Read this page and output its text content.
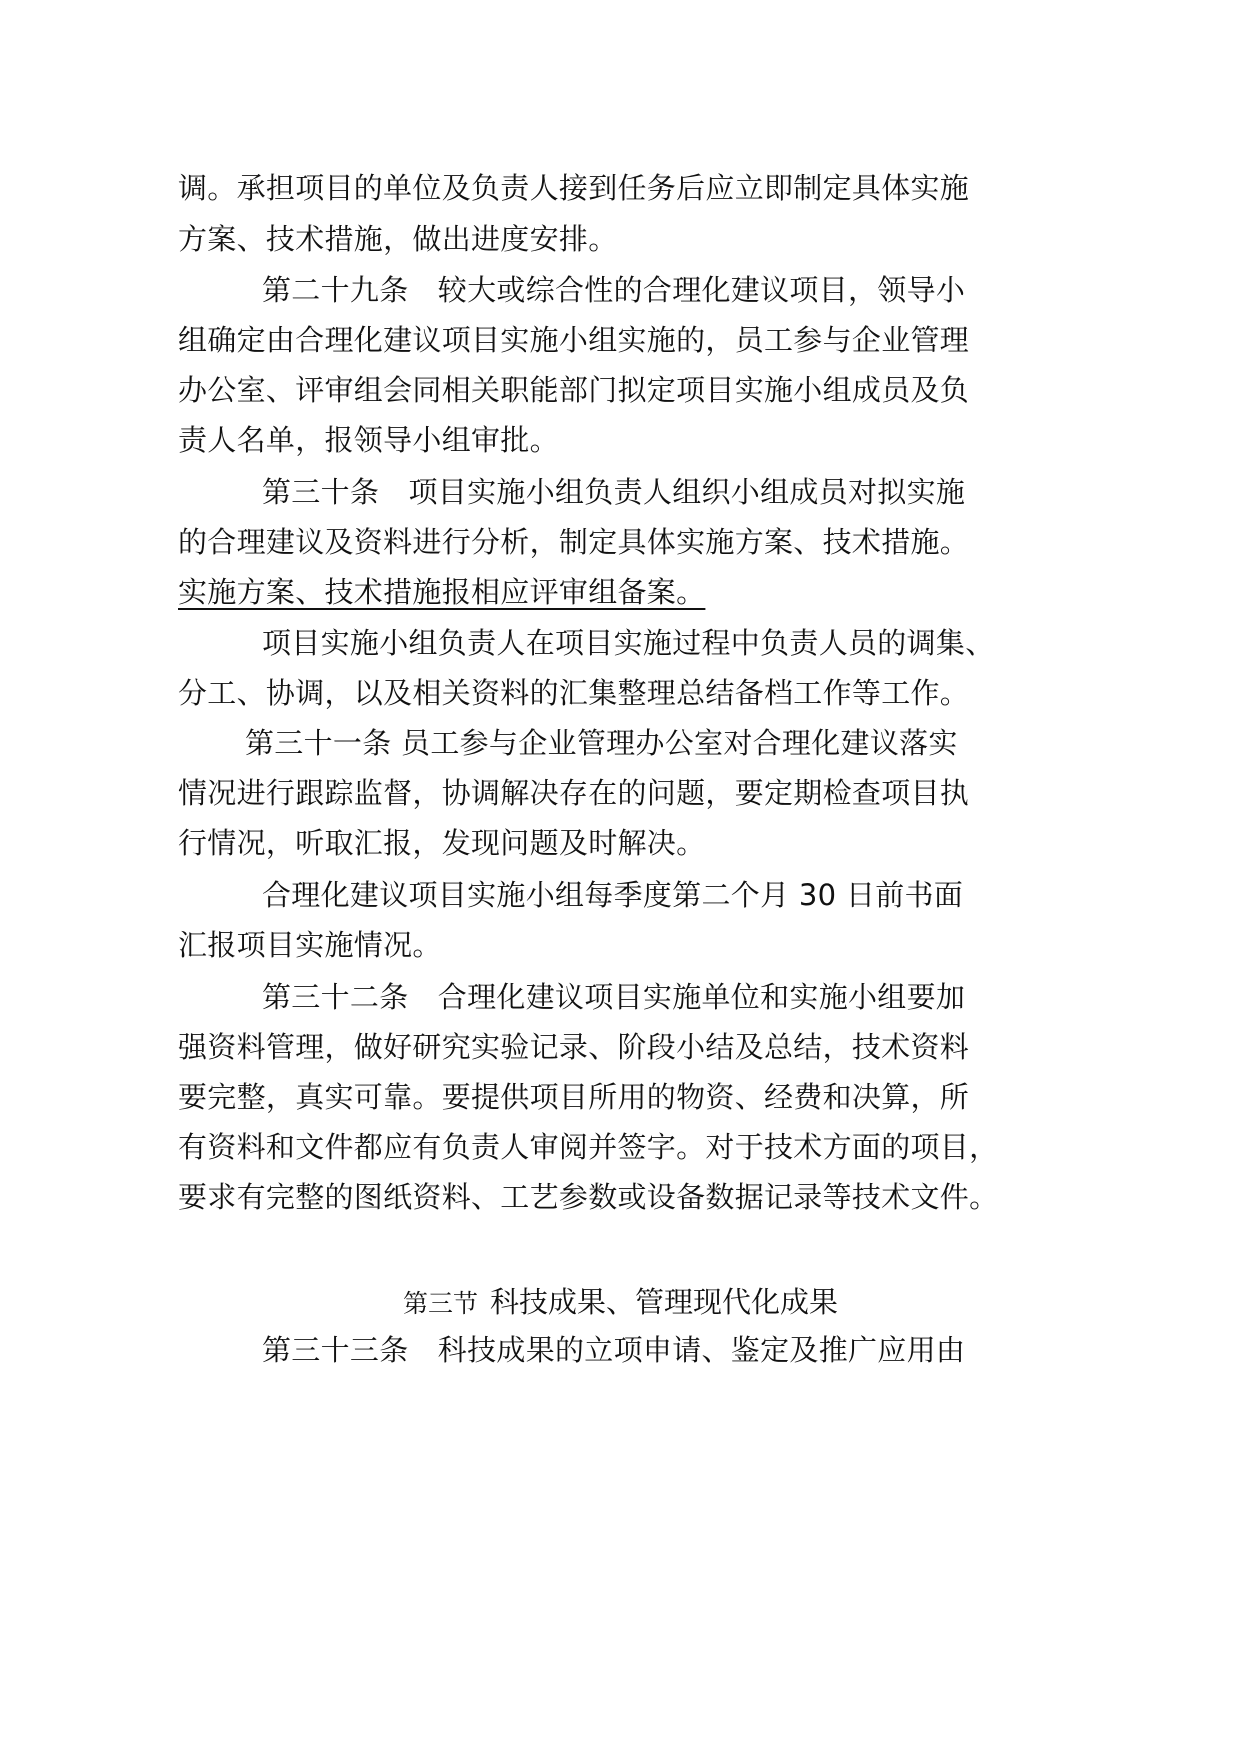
调。承担项目的单位及负责人接到任务后应立即制定具体实施
方案、技术措施，做出进度安排。
第二十九条　较大或综合性的合理化建议项目，领导小
组确定由合理化建议项目实施小组实施的，员工参与企业管理
办公室、评审组会同相关职能部门拟定项目实施小组成员及负
责人名单，报领导小组审批。
第三十条　项目实施小组负责人组织小组成员对拟实施
的合理建议及资料进行分析，制定具体实施方案、技术措施。
实施方案、技术措施报相应评审组备案。
项目实施小组负责人在项目实施过程中负责人员的调集、
分工、协调，以及相关资料的汇集整理总结备档工作等工作。
第三十一条 员工参与企业管理办公室对合理化建议落实
情况进行跟踪监督，协调解决存在的问题，要定期检查项目执
行情况，听取汇报，发现问题及时解决。
合理化建议项目实施小组每季度第二个月 30 日前书面
汇报项目实施情况。
第三十二条　合理化建议项目实施单位和实施小组要加
强资料管理，做好研究实验记录、阶段小结及总结，技术资料
要完整，真实可靠。要提供项目所用的物资、经费和决算，所
有资料和文件都应有负责人审阅并签字。对于技术方面的项目，
要求有完整的图纸资料、工艺参数或设备数据记录等技术文件。
第三节 科技成果、管理现代化成果
第三十三条　科技成果的立项申请、鉴定及推广应用由
